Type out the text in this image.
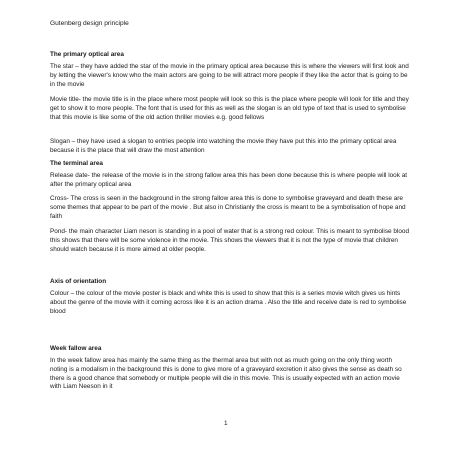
Gutenberg design principle
The primary optical area

The star – they have added the star of the movie in the primary optical area because this is where the viewers will first look and by letting the viewer's know who the main actors are going to be will attract more people if they like the actor that is going to be in the movie

Movie title- the movie title is in the place where most people will look so this is the place where people will look for title and they get to show it to more people. The font that is used for this as well as the slogan is an old type of text that is used to symbolise that this movie is like some of the old action thriller movies e.g. good fellows

Slogan – they have used a slogan to entries people into watching the movie they have put this into the primary optical area because it is the place that will draw the most attention

The terminal area

Release date- the release of the movie is in the strong fallow area this has been done because this is where people will look at after the primary optical area

Cross- The cross is seen in the background in the strong fallow area this is done to symbolise graveyard and death these are some themes that appear to be part of the movie . But also in Christianly the cross is meant to be a symbolisation of hope and faith

Pond- the main character Liam neson is standing in a pool of water that is a strong red colour. This is meant to symbolise blood this shows that there will be some violence in the movie. This shows the viewers that it is not the type of movie that children should watch because it is more aimed at older people.

Axis of orientation

Colour – the colour of the movie poster is black and white this is used to show that this is a series movie witch gives us hints about the genre of the movie with it coming across like it is an action drama . Also the title and receive date is red to symbolise blood

Week fallow area

In the week fallow area has mainly the same thing as the thermal area but with not as much going on the only thing worth noting is a modalism in the background this is done to give more of a graveyard excretion it also gives the sense as death so there is a good chance that somebody or multiple people will die in this movie. This is usually expected with an action movie with Liam Neeson in it

1
